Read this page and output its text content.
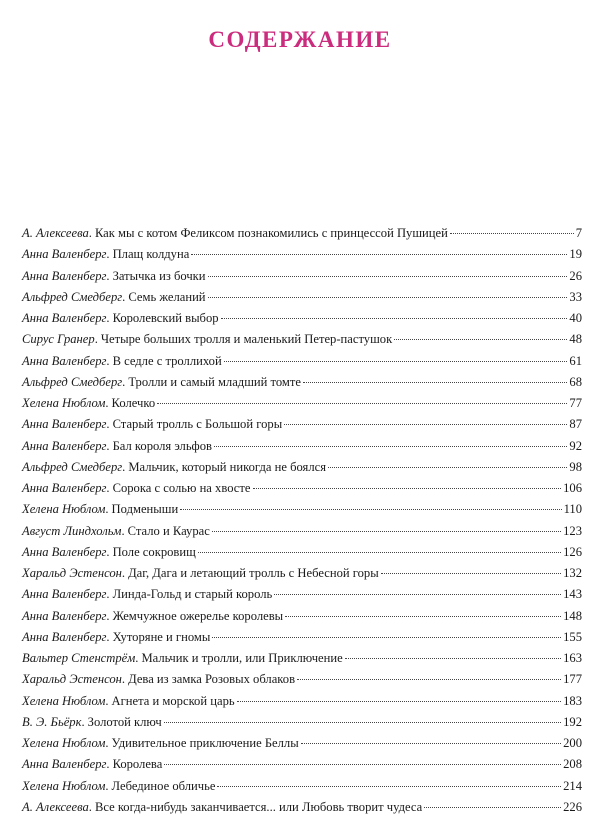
СОДЕРЖАНИЕ
А. Алексеева . Как мы с котом Феликсом познакомились с принцессой Пушицей	7
Анна Валенберг . Плащ колдуна	19
Анна Валенберг . Затычка из бочки	26
Альфред Смедберг . Семь желаний	33
Анна Валенберг . Королевский выбор	40
Сирус Гранер . Четыре больших тролля и маленький Петер-пастушок	48
Анна Валенберг . В седле с троллихой	61
Альфред Смедберг . Тролли и самый младший томте	68
Хелена Нюблом . Колечко	77
Анна Валенберг . Старый тролль с Большой горы	87
Анна Валенберг . Бал короля эльфов	92
Альфред Смедберг . Мальчик, который никогда не боялся	98
Анна Валенберг . Сорока с солью на хвосте	106
Хелена Нюблом . Подменыши	110
Август Линдхольм . Стало и Каурас	123
Анна Валенберг . Поле сокровищ	126
Харальд Эстенсон . Даг, Дага и летающий тролль с Небесной горы	132
Анна Валенберг . Линда-Гольд и старый король	143
Анна Валенберг . Жемчужное ожерелье королевы	148
Анна Валенберг . Хуторяне и гномы	155
Вальтер Стенстрём . Мальчик и тролли, или Приключение	163
Харальд Эстенсон . Дева из замка Розовых облаков	177
Хелена Нюблом . Агнета и морской царь	183
В. Э. Бьёрк . Золотой ключ	192
Хелена Нюблом . Удивительное приключение Беллы	200
Анна Валенберг . Королева	208
Хелена Нюблом . Лебединое обличье	214
А. Алексеева . Все когда-нибудь заканчивается... или Любовь творит чудеса	226
